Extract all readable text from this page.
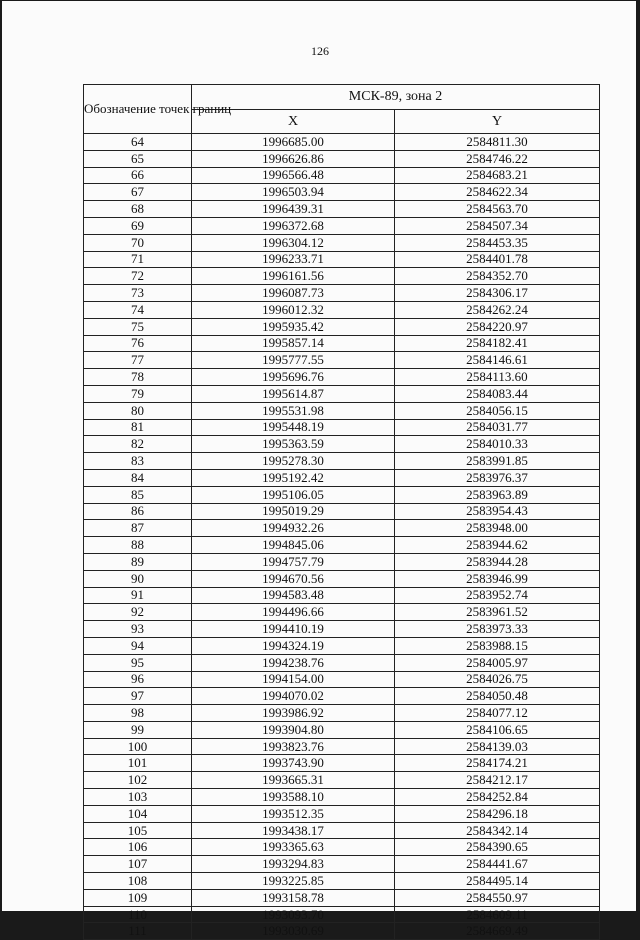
126
Обозначение точек границ	МСК-89, зона 2	
	X	Y
64	1996685.00	2584811.30
65	1996626.86	2584746.22
66	1996566.48	2584683.21
67	1996503.94	2584622.34
68	1996439.31	2584563.70
69	1996372.68	2584507.34
70	1996304.12	2584453.35
71	1996233.71	2584401.78
72	1996161.56	2584352.70
73	1996087.73	2584306.17
74	1996012.32	2584262.24
75	1995935.42	2584220.97
76	1995857.14	2584182.41
77	1995777.55	2584146.61
78	1995696.76	2584113.60
79	1995614.87	2584083.44
80	1995531.98	2584056.15
81	1995448.19	2584031.77
82	1995363.59	2584010.33
83	1995278.30	2583991.85
84	1995192.42	2583976.37
85	1995106.05	2583963.89
86	1995019.29	2583954.43
87	1994932.26	2583948.00
88	1994845.06	2583944.62
89	1994757.79	2583944.28
90	1994670.56	2583946.99
91	1994583.48	2583952.74
92	1994496.66	2583961.52
93	1994410.19	2583973.33
94	1994324.19	2583988.15
95	1994238.76	2584005.97
96	1994154.00	2584026.75
97	1994070.02	2584050.48
98	1993986.92	2584077.12
99	1993904.80	2584106.65
100	1993823.76	2584139.03
101	1993743.90	2584174.21
102	1993665.31	2584212.17
103	1993588.10	2584252.84
104	1993512.35	2584296.18
105	1993438.17	2584342.14
106	1993365.63	2584390.65
107	1993294.83	2584441.67
108	1993225.85	2584495.14
109	1993158.78	2584550.97
110	1993093.70	2584609.11
111	1993030.69	2584669.49
